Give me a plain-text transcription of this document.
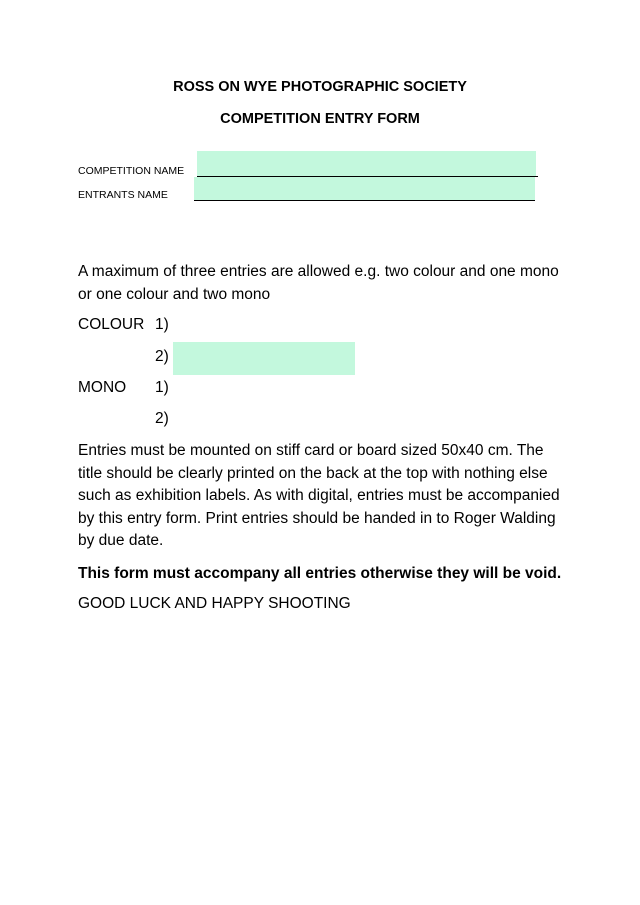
ROSS ON WYE PHOTOGRAPHIC SOCIETY
COMPETITION ENTRY FORM
COMPETITION NAME
ENTRANTS NAME
A maximum of three entries are allowed e.g. two colour and one mono or one colour and two mono
COLOUR 1)
2)
MONO 1)
2)
Entries must be mounted on stiff card or board sized 50x40 cm. The title should be clearly printed on the back at the top with nothing else such as exhibition labels. As with digital, entries must be accompanied by this entry form. Print entries should be handed in to Roger Walding by due date.
This form must accompany all entries otherwise they will be void.
GOOD LUCK AND HAPPY SHOOTING
